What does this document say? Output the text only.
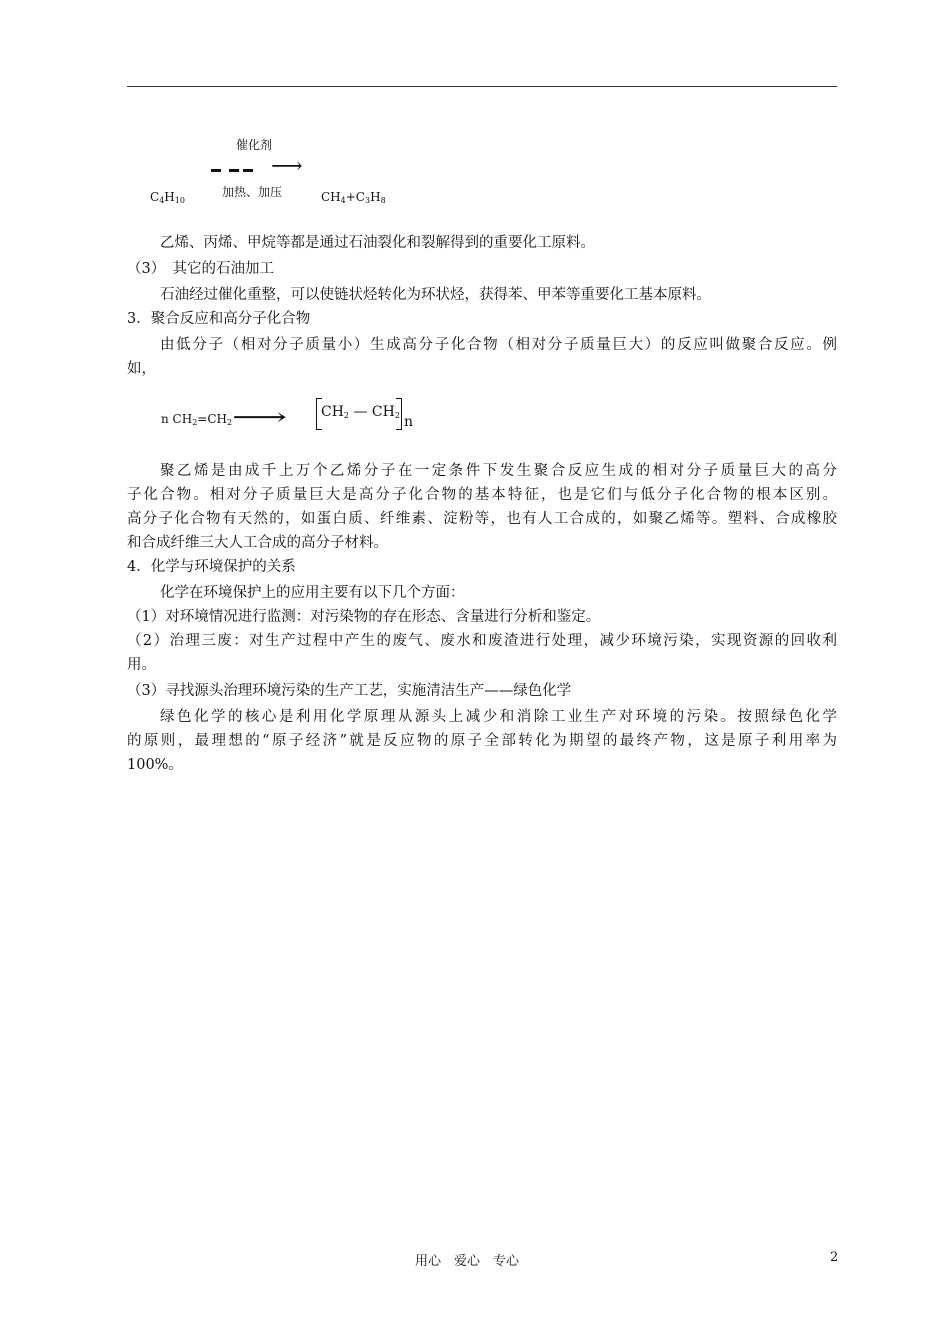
催化剂
⟶
加热、加压
$C_4H_{10}$	$CH_4+C_3H_8$
乙烯、丙烯、甲烷等都是通过石油裂化和裂解得到的重要化工原料。
（3）　其它的石油加工
石油经过催化重整，可以使链状烃转化为环状烃，获得苯、甲苯等重要化工基本原料。
3．聚合反应和高分子化合物
由低分子（相对分子质量小）生成高分子化合物（相对分子质量巨大）的反应叫做聚合反应。例
如，
n $CH_2=CH_2$ ⟶ $CH_2$ — $CH_2$ n
聚乙烯是由成千上万个乙烯分子在一定条件下发生聚合反应生成的相对分子质量巨大的高分
子化合物。相对分子质量巨大是高分子化合物的基本特征，也是它们与低分子化合物的根本区别。
高分子化合物有天然的，如蛋白质、纤维素、淀粉等，也有人工合成的，如聚乙烯等。塑料、合成橡胶
和合成纤维三大人工合成的高分子材料。
4．化学与环境保护的关系
化学在环境保护上的应用主要有以下几个方面：
（1）对环境情况进行监测：对污染物的存在形态、含量进行分析和鉴定。
（2）治理三废：对生产过程中产生的废气、废水和废渣进行处理，减少环境污染，实现资源的回收利
用。
（3）寻找源头治理环境污染的生产工艺，实施清洁生产——绿色化学
绿色化学的核心是利用化学原理从源头上减少和消除工业生产对环境的污染。按照绿色化学
的原则，最理想的“原子经济”就是反应物的原子全部转化为期望的最终产物，这是原子利用率为
100%。
用心　爱心　专心	2
